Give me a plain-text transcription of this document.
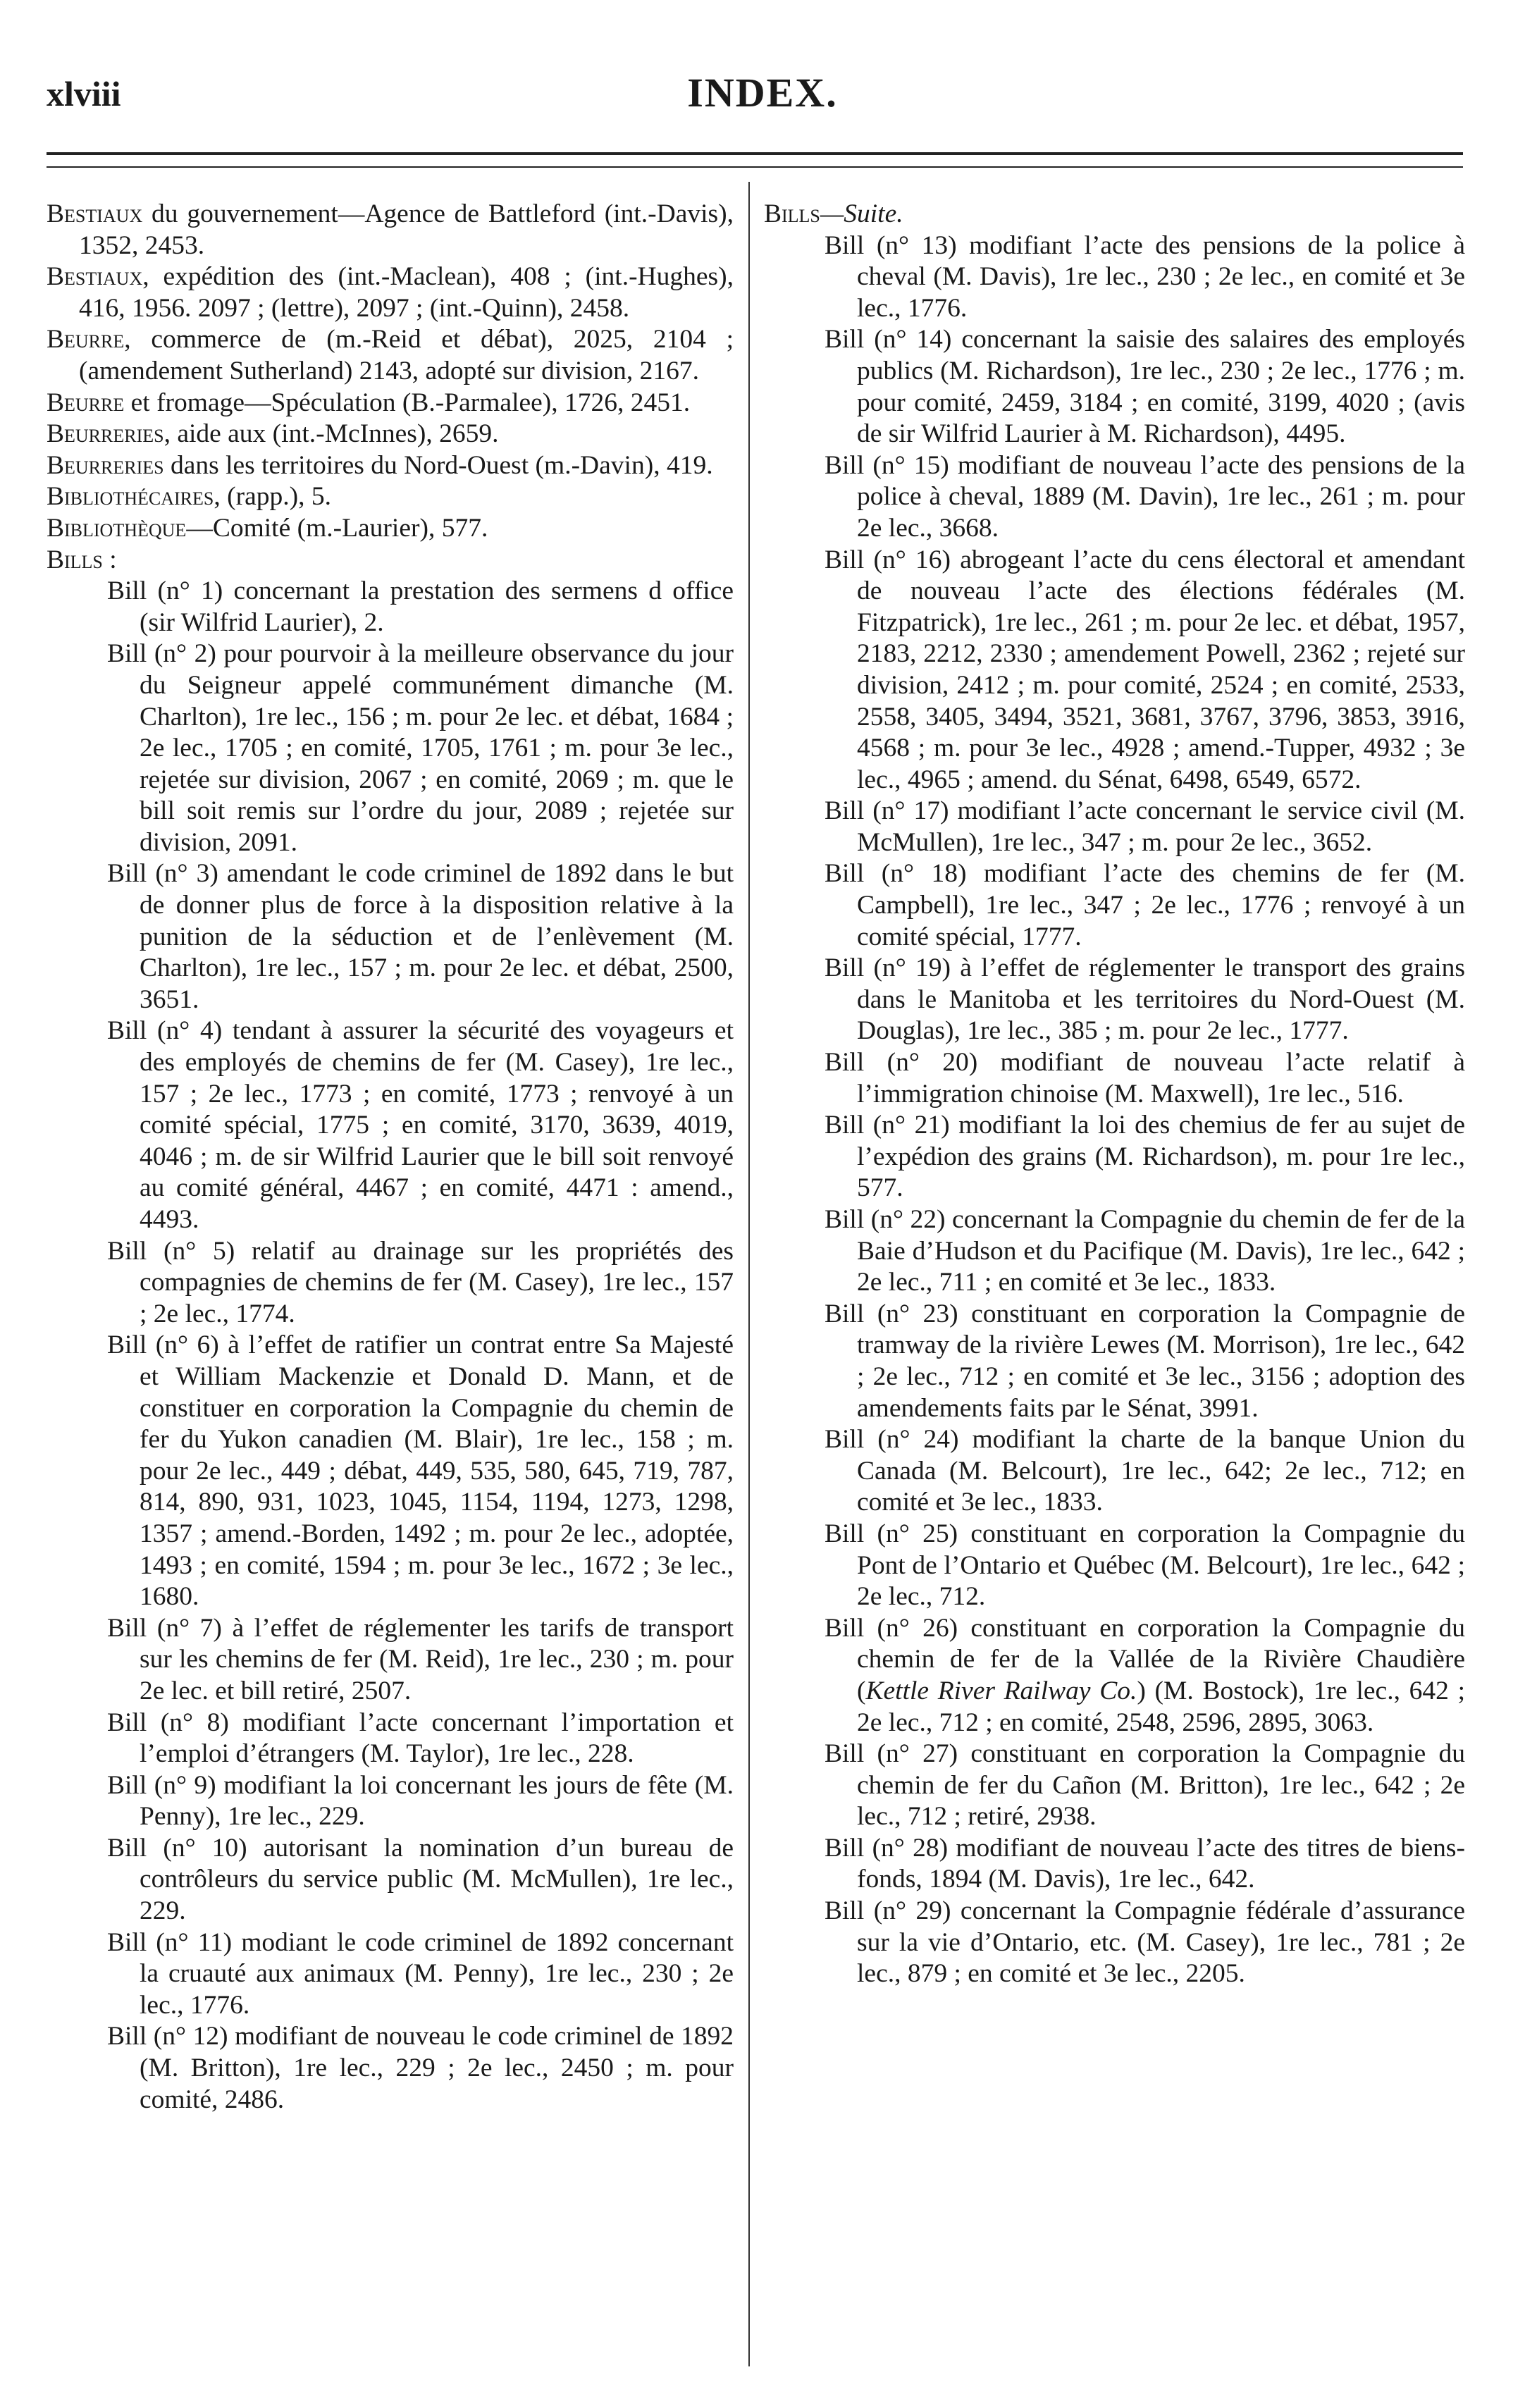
xlviii	INDEX.

Bestiaux du gouvernement—Agence de Battleford (int.-Davis), 1352, 2453.

Bestiaux, expédition des (int.-Maclean), 408 ; (int.-Hughes), 416, 1956. 2097 ; (lettre), 2097 ; (int.-Quinn), 2458.

Beurre, commerce de (m.-Reid et débat), 2025, 2104 ; (amendement Sutherland) 2143, adopté sur division, 2167.

Beurre et fromage—Spéculation (B.-Parmalee), 1726, 2451.

Beurreries, aide aux (int.-McInnes), 2659.

Beurreries dans les territoires du Nord-Ouest (m.-Davin), 419.

Bibliothécaires, (rapp.), 5.

Bibliothèque—Comité (m.-Laurier), 577.

Bills :

Bill (n° 1) concernant la prestation des sermens d office (sir Wilfrid Laurier), 2.

Bill (n° 2) pour pourvoir à la meilleure observance du jour du Seigneur appelé communément dimanche (M. Charlton), 1re lec., 156 ; m. pour 2e lec. et débat, 1684 ; 2e lec., 1705 ; en comité, 1705, 1761 ; m. pour 3e lec., rejetée sur division, 2067 ; en comité, 2069 ; m. que le bill soit remis sur l’ordre du jour, 2089 ; rejetée sur division, 2091.

Bill (n° 3) amendant le code criminel de 1892 dans le but de donner plus de force à la disposition relative à la punition de la séduction et de l’enlèvement (M. Charlton), 1re lec., 157 ; m. pour 2e lec. et débat, 2500, 3651.

Bill (n° 4) tendant à assurer la sécurité des voyageurs et des employés de chemins de fer (M. Casey), 1re lec., 157 ; 2e lec., 1773 ; en comité, 1773 ; renvoyé à un comité spécial, 1775 ; en comité, 3170, 3639, 4019, 4046 ; m. de sir Wilfrid Laurier que le bill soit renvoyé au comité général, 4467 ; en comité, 4471 : amend., 4493.

Bill (n° 5) relatif au drainage sur les propriétés des compagnies de chemins de fer (M. Casey), 1re lec., 157 ; 2e lec., 1774.

Bill (n° 6) à l’effet de ratifier un contrat entre Sa Majesté et William Mackenzie et Donald D. Mann, et de constituer en corporation la Compagnie du chemin de fer du Yukon canadien (M. Blair), 1re lec., 158 ; m. pour 2e lec., 449 ; débat, 449, 535, 580, 645, 719, 787, 814, 890, 931, 1023, 1045, 1154, 1194, 1273, 1298, 1357 ; amend.-Borden, 1492 ; m. pour 2e lec., adoptée, 1493 ; en comité, 1594 ; m. pour 3e lec., 1672 ; 3e lec., 1680.

Bill (n° 7) à l’effet de réglementer les tarifs de transport sur les chemins de fer (M. Reid), 1re lec., 230 ; m. pour 2e lec. et bill retiré, 2507.

Bill (n° 8) modifiant l’acte concernant l’importation et l’emploi d’étrangers (M. Taylor), 1re lec., 228.

Bill (n° 9) modifiant la loi concernant les jours de fête (M. Penny), 1re lec., 229.

Bill (n° 10) autorisant la nomination d’un bureau de contrôleurs du service public (M. McMullen), 1re lec., 229.

Bill (n° 11) modiant le code criminel de 1892 concernant la cruauté aux animaux (M. Penny), 1re lec., 230 ; 2e lec., 1776.

Bill (n° 12) modifiant de nouveau le code criminel de 1892 (M. Britton), 1re lec., 229 ; 2e lec., 2450 ; m. pour comité, 2486.

Bills—Suite.

Bill (n° 13) modifiant l’acte des pensions de la police à cheval (M. Davis), 1re lec., 230 ; 2e lec., en comité et 3e lec., 1776.

Bill (n° 14) concernant la saisie des salaires des employés publics (M. Richardson), 1re lec., 230 ; 2e lec., 1776 ; m. pour comité, 2459, 3184 ; en comité, 3199, 4020 ; (avis de sir Wilfrid Laurier à M. Richardson), 4495.

Bill (n° 15) modifiant de nouveau l’acte des pensions de la police à cheval, 1889 (M. Davin), 1re lec., 261 ; m. pour 2e lec., 3668.

Bill (n° 16) abrogeant l’acte du cens électoral et amendant de nouveau l’acte des élections fédérales (M. Fitzpatrick), 1re lec., 261 ; m. pour 2e lec. et débat, 1957, 2183, 2212, 2330 ; amendement Powell, 2362 ; rejeté sur division, 2412 ; m. pour comité, 2524 ; en comité, 2533, 2558, 3405, 3494, 3521, 3681, 3767, 3796, 3853, 3916, 4568 ; m. pour 3e lec., 4928 ; amend.-Tupper, 4932 ; 3e lec., 4965 ; amend. du Sénat, 6498, 6549, 6572.

Bill (n° 17) modifiant l’acte concernant le service civil (M. McMullen), 1re lec., 347 ; m. pour 2e lec., 3652.

Bill (n° 18) modifiant l’acte des chemins de fer (M. Campbell), 1re lec., 347 ; 2e lec., 1776 ; renvoyé à un comité spécial, 1777.

Bill (n° 19) à l’effet de réglementer le transport des grains dans le Manitoba et les territoires du Nord-Ouest (M. Douglas), 1re lec., 385 ; m. pour 2e lec., 1777.

Bill (n° 20) modifiant de nouveau l’acte relatif à l’immigration chinoise (M. Maxwell), 1re lec., 516.

Bill (n° 21) modifiant la loi des chemius de fer au sujet de l’expédion des grains (M. Richardson), m. pour 1re lec., 577.

Bill (n° 22) concernant la Compagnie du chemin de fer de la Baie d’Hudson et du Pacifique (M. Davis), 1re lec., 642 ; 2e lec., 711 ; en comité et 3e lec., 1833.

Bill (n° 23) constituant en corporation la Compagnie de tramway de la rivière Lewes (M. Morrison), 1re lec., 642 ; 2e lec., 712 ; en comité et 3e lec., 3156 ; adoption des amendements faits par le Sénat, 3991.

Bill (n° 24) modifiant la charte de la banque Union du Canada (M. Belcourt), 1re lec., 642; 2e lec., 712; en comité et 3e lec., 1833.

Bill (n° 25) constituant en corporation la Compagnie du Pont de l’Ontario et Québec (M. Belcourt), 1re lec., 642 ; 2e lec., 712.

Bill (n° 26) constituant en corporation la Compagnie du chemin de fer de la Vallée de la Rivière Chaudière (Kettle River Railway Co.) (M. Bostock), 1re lec., 642 ; 2e lec., 712 ; en comité, 2548, 2596, 2895, 3063.

Bill (n° 27) constituant en corporation la Compagnie du chemin de fer du Cañon (M. Britton), 1re lec., 642 ; 2e lec., 712 ; retiré, 2938.

Bill (n° 28) modifiant de nouveau l’acte des titres de biens-fonds, 1894 (M. Davis), 1re lec., 642.

Bill (n° 29) concernant la Compagnie fédérale d’assurance sur la vie d’Ontario, etc. (M. Casey), 1re lec., 781 ; 2e lec., 879 ; en comité et 3e lec., 2205.
